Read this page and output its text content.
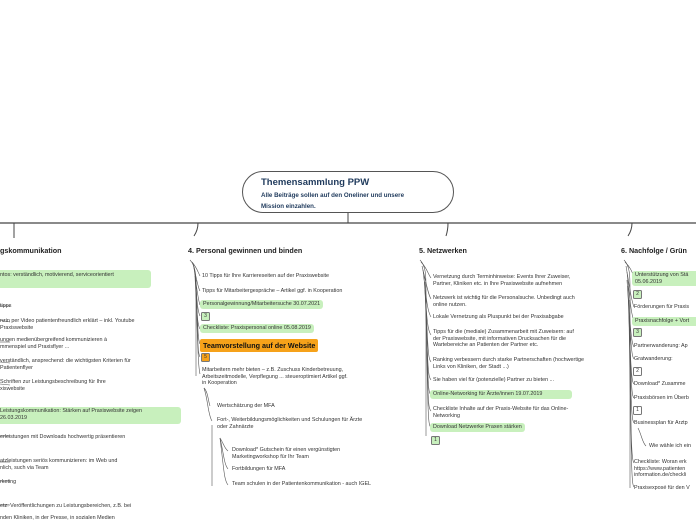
Themensammlung PPW
Alle Beiträge sollen auf den Oneliner und unsere
Mission einzahlen.
gskommunikation	4. Personal gewinnen und binden	5. Netzwerken	6. Nachfolge / Grün
ntos: verständlich, motivierend, serviceorientiert
tipps
nzin per Video patientenfreundlich erklärt – inkl. Youtube
Praxiswebsite
ungen medienübergreifend kommunizieren à
mmenspiel und Praxisflyer ...
verständlich, ansprechend: die wichtigsten Kriterien für
Patientenflyer
Schriften zur Leistungsbeschreibung für Ihre
xiswebsite
Leistungskommunikation: Stärken auf Praxiswebsite zeigen
26.03.2019
erleistungen mit Downloads hochwertig präsentieren
atzleistungen seriös kommunizieren: im Web und
nlich, such via Team
rketing
etz: Veröffentlichungen zu Leistungsbereichen, z.B. bei
nden Kliniken, in der Presse, in sozialen Medien
10 Tipps für Ihre Karriereseiten auf der Praxiswebsite
Tipps für Mitarbeitergespräche – Artikel ggf. in Kooperation
Personalgewinnung/Mitarbeitersuche 30.07.2021
3
Checkliste: Praxispersonal online 05.08.2019
Teamvorstellung auf der Website
5
Mitarbeitern mehr bieten – z.B. Zuschuss Kinderbetreuung,
Arbeitszeitmodelle, Verpflegung ... steueroptimiert Artikel ggf.
in Kooperation
Wertschätzung der MFA
Fort-, Weiterbildungsmöglichkeiten und Schulungen für Ärzte
oder Zahnärzte
Download* Gutschein für einen vergünstigten
Marketingworkshop für Ihr Team
Fortbildungen für MFA
Team schulen in der Patientenkommunikation - auch IGEL
Vernetzung durch Terminhinweise: Events Ihrer Zuweiser,
Partner, Kliniken etc. in Ihre Praxiswebsite aufnehmen
Netzwerk ist wichtig für die Personalsuche. Unbedingt auch
online nutzen.
Lokale Vernetzung als Pluspunkt bei der Praxisabgabe
Tipps für die (mediale) Zusammenarbeit mit Zuweisern: auf
der Praxiswebsite, mit informativen Drucksachen für die
Wartebereiche an Patienten der Partner etc.
Ranking verbessern durch starke Partnerschaften (hochwertige
Links von Kliniken, der Stadt ...)
Sie haben viel für (potenzielle) Partner zu bieten ...
Online-Networking für Ärzte/innen 19.07.2019
Checkliste Inhalte auf der Praxis-Website für das Online-
Networking
Download Netzwerke Praxen stärken
1
Unterstützung von Stä
05.06.2019
2
Förderungen für Praxis
Praxisnachfolge + Vort
3
Partnerwanderung: Ap
Gratwanderung:
2
Download* Zusamme
Praxisbörsen im Überb
1
Businessplan für Arztp
Wie wähle ich ein
Checkliste: Woran erk
https://www.patienten
information.de/checkli
Praxisexposé für den V
